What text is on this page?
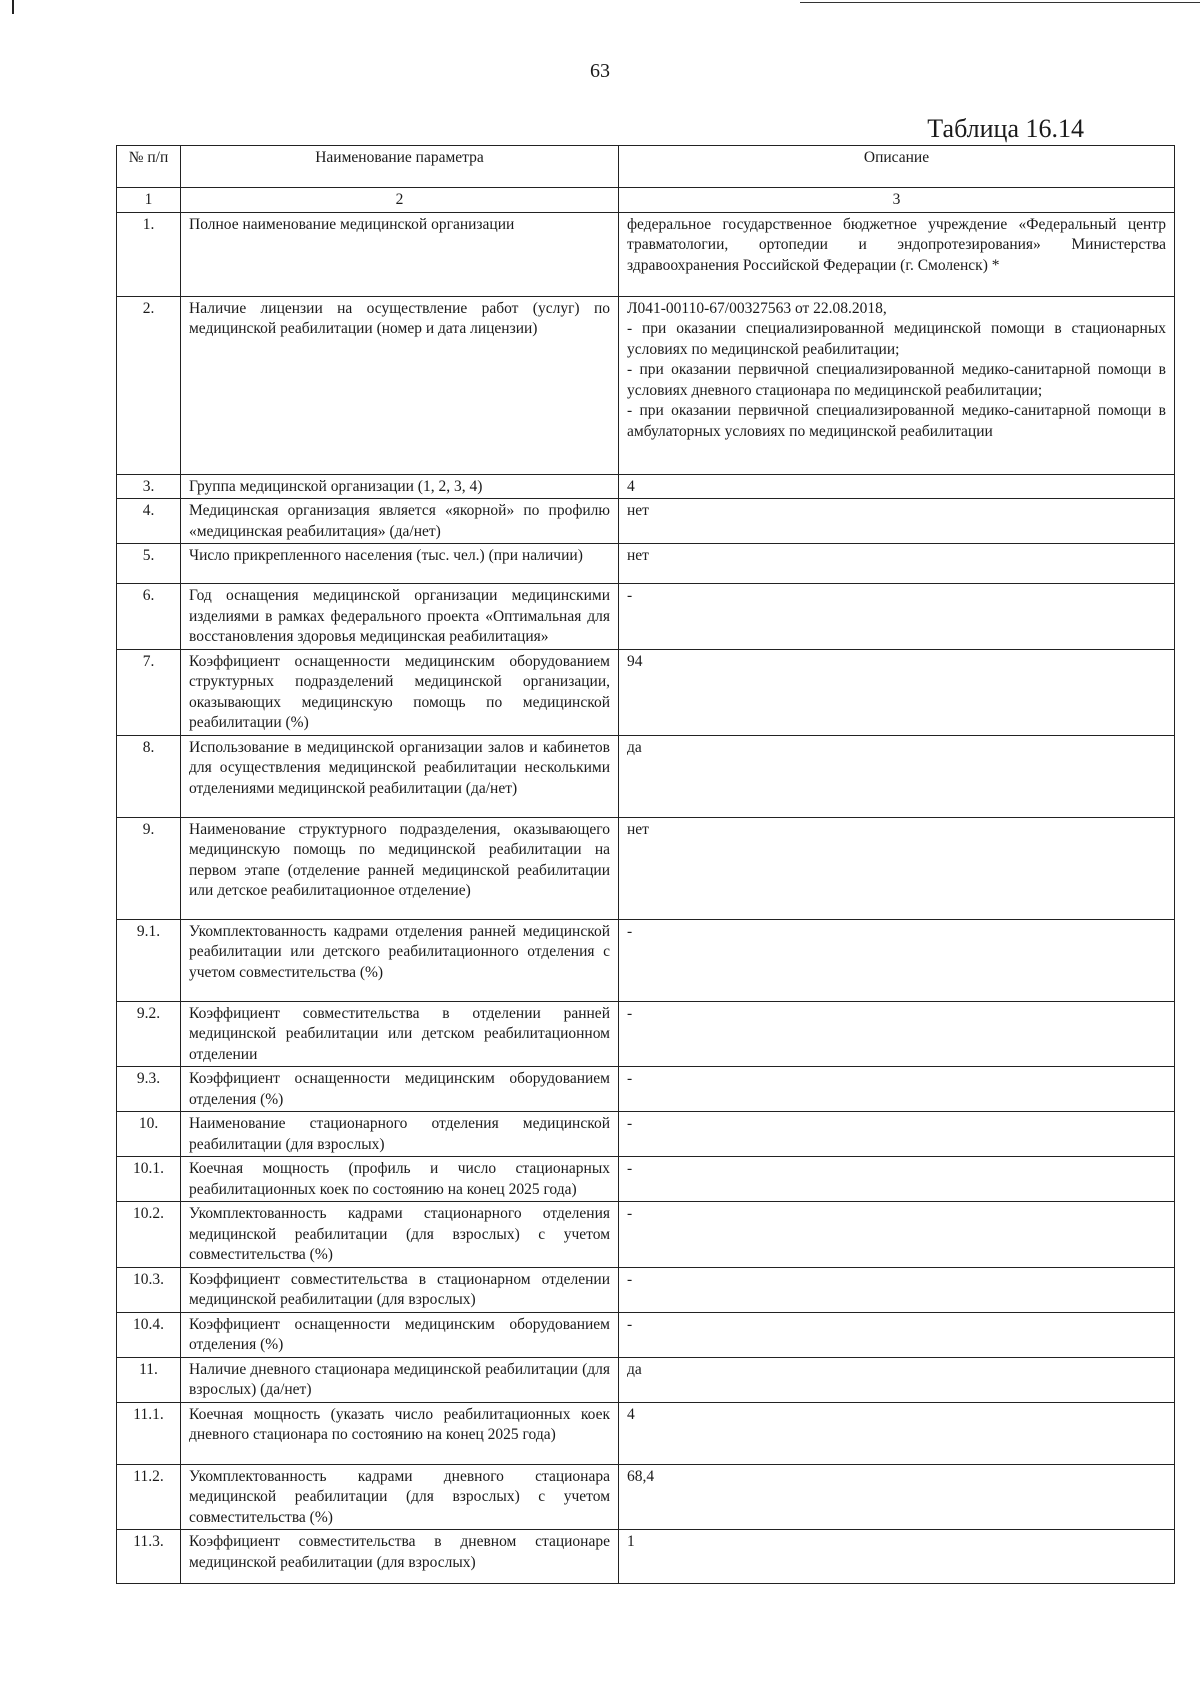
63
Таблица 16.14
№ п/п	Наименование параметра	Описание
1	2	3
1.	Полное наименование медицинской организации	федеральное государственное бюджетное учреждение «Федеральный центр травматологии, ортопедии и эндопротезирования» Министерства здравоохранения Российской Федерации (г. Смоленск) *

2.	Наличие лицензии на осуществление работ (услуг) по медицинской реабилитации (номер и дата лицензии)	Л041-00110-67/00327563 от 22.08.2018,
- при оказании специализированной медицинской помощи в стационарных условиях по медицинской реабилитации;
- при оказании первичной специализированной медико-санитарной помощи в условиях дневного стационара по медицинской реабилитации;
- при оказании первичной специализированной медико-санитарной помощи в амбулаторных условиях по медицинской реабилитации

3.	Группа медицинской организации (1, 2, 3, 4)	4

4.	Медицинская организация является «якорной» по профилю «медицинская реабилитация» (да/нет)	нет

5.	Число прикрепленного населения (тыс. чел.) (при наличии)	нет

6.	Год оснащения медицинской организации медицинскими изделиями в рамках федерального проекта «Оптимальная для восстановления здоровья медицинская реабилитация»	-

7.	Коэффициент оснащенности медицинским оборудованием структурных подразделений медицинской организации, оказывающих медицинскую помощь по медицинской реабилитации (%)	94

8.	Использование в медицинской организации залов и кабинетов для осуществления медицинской реабилитации несколькими отделениями медицинской реабилитации (да/нет)	да

9.	Наименование структурного подразделения, оказывающего медицинскую помощь по медицинской реабилитации на первом этапе (отделение ранней медицинской реабилитации или детское реабилитационное отделение)	нет

9.1.	Укомплектованность кадрами отделения ранней медицинской реабилитации или детского реабилитационного отделения с учетом совместительства (%)	-

9.2.	Коэффициент совместительства в отделении ранней медицинской реабилитации или детском реабилитационном отделении	-

9.3.	Коэффициент оснащенности медицинским оборудованием отделения (%)	-

10.	Наименование стационарного отделения медицинской реабилитации (для взрослых)	-

10.1.	Коечная мощность (профиль и число стационарных реабилитационных коек по состоянию на конец 2025 года)	-

10.2.	Укомплектованность кадрами стационарного отделения медицинской реабилитации (для взрослых) с учетом совместительства (%)	-

10.3.	Коэффициент совместительства в стационарном отделении медицинской реабилитации (для взрослых)	-

10.4.	Коэффициент оснащенности медицинским оборудованием отделения (%)	-

11.	Наличие дневного стационара медицинской реабилитации (для взрослых) (да/нет)	да

11.1.	Коечная мощность (указать число реабилитационных коек дневного стационара по состоянию на конец 2025 года)	4

11.2.	Укомплектованность кадрами дневного стационара медицинской реабилитации (для взрослых) с учетом совместительства (%)	68,4

11.3.	Коэффициент совместительства в дневном стационаре медицинской реабилитации (для взрослых)	1
